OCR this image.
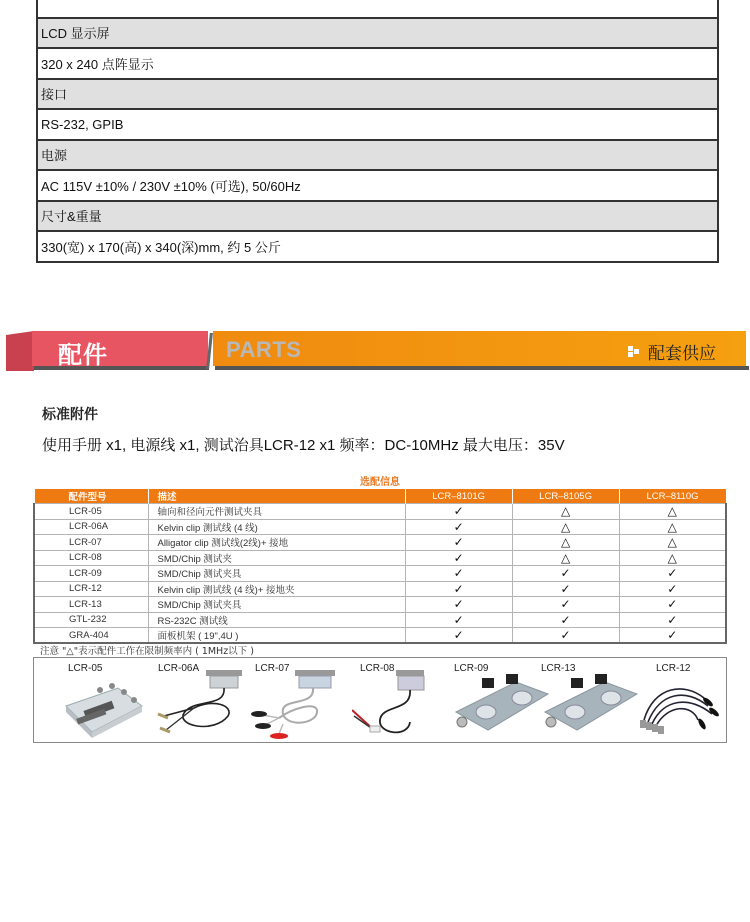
LCD 显示屏
320 x 240 点阵显示
接口
RS-232, GPIB
电源
AC 115V ±10% / 230V ±10% (可选), 50/60Hz
尺寸&重量
330(宽) x 170(高) x 340(深)mm, 约 5 公斤
配件	PARTS	配套供应
标准附件
使用手册 x1, 电源线 x1, 测试治具LCR-12 x1 频率：DC-10MHz 最大电压：35V
选配信息
配件型号	描述	LCR–8101G	LCR–8105G	LCR–8110G
LCR-05	轴向和径向元件测试夹具	✓	△	△
LCR-06A	Kelvin clip 测试线 (4 线)	✓	△	△
LCR-07	Alligator clip 测试线(2线)+ 接地	✓	△	△
LCR-08	SMD/Chip 测试夹	✓	△	△
LCR-09	SMD/Chip 测试夹具	✓	✓	✓
LCR-12	Kelvin clip 测试线 (4 线)+ 接地夹	✓	✓	✓
LCR-13	SMD/Chip 测试夹具	✓	✓	✓
GTL-232	RS-232C 测试线	✓	✓	✓
GRA-404	面板机架 ( 19",4U )	✓	✓	✓
注意 "△"表示配件工作在限制频率内 ( 1MHz以下 )
LCR-05	LCR-06A	LCR-07	LCR-08	LCR-09	LCR-13	LCR-12
